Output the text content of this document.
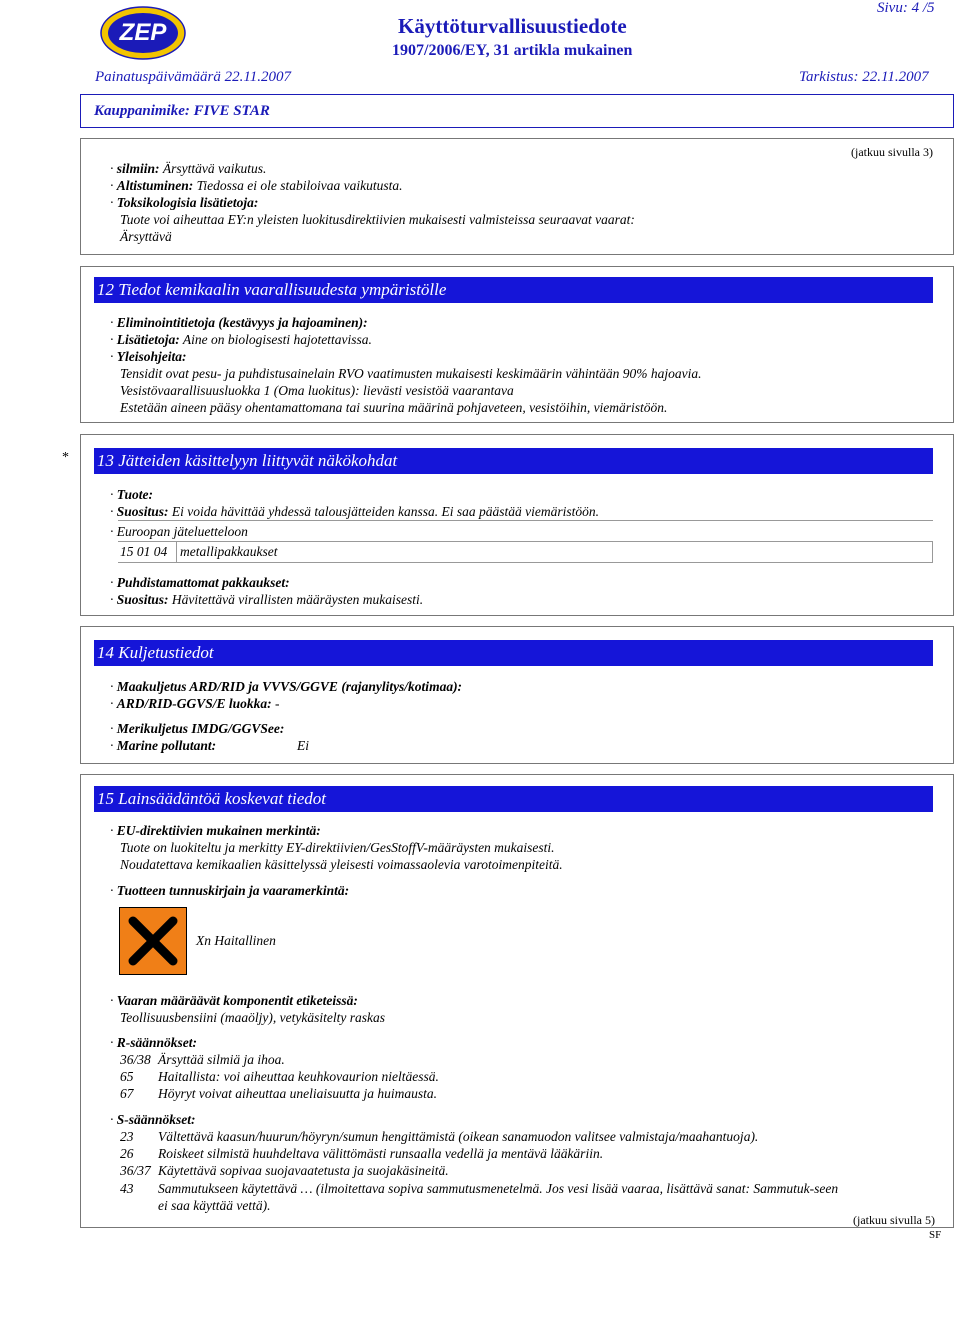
ZEP	Käyttöturvallisuustiedote
1907/2006/EY, 31 artikla mukainen
Sivu: 4 /5
Painatuspäivämäärä 22.11.2007	Tarkistus: 22.11.2007
Kauppanimike: FIVE STAR
(jatkuu sivulla 3)
· silmiin: Ärsyttävä vaikutus.
· Altistuminen: Tiedossa ei ole stabiloivaa vaikutusta.
· Toksikologisia lisätietoja:
Tuote voi aiheuttaa EY:n yleisten luokitusdirektiivien mukaisesti valmisteissa seuraavat vaarat:
Ärsyttävä
12 Tiedot kemikaalin vaarallisuudesta ympäristölle
· Eliminointitietoja (kestävyys ja hajoaminen):
· Lisätietoja: Aine on biologisesti hajotettavissa.
· Yleisohjeita:
Tensidit ovat pesu- ja puhdistusainelain RVO vaatimusten mukaisesti keskimäärin vähintään 90% hajoavia.
Vesistövaarallisuusluokka 1 (Oma luokitus): lievästi vesistöä vaarantava
Estetään aineen pääsy ohentamattomana tai suurina määrinä pohjaveteen, vesistöihin, viemäristöön.
* 13 Jätteiden käsittelyyn liittyvät näkökohdat
· Tuote:
· Suositus: Ei voida hävittää yhdessä talousjätteiden kanssa. Ei saa päästää viemäristöön.
· Euroopan jäteluetteloon
15 01 04 metallipakkaukset
· Puhdistamattomat pakkaukset:
· Suositus: Hävitettävä virallisten määräysten mukaisesti.
14 Kuljetustiedot
· Maakuljetus ARD/RID ja VVVS/GGVE (rajanylitys/kotimaa):
· ARD/RID-GGVS/E luokka: -
· Merikuljetus IMDG/GGVSee:
· Marine pollutant:	Ei
15 Lainsäädäntöä koskevat tiedot
· EU-direktiivien mukainen merkintä:
Tuote on luokiteltu ja merkitty EY-direktiivien/GesStoffV-määräysten mukaisesti.
Noudatettava kemikaalien käsittelyssä yleisesti voimassaolevia varotoimenpiteitä.
· Tuotteen tunnuskirjain ja vaaramerkintä:
Xn Haitallinen
· Vaaran määräävät komponentit etiketeissä:
Teollisuusbensiini (maaöljy), vetykäsitelty raskas
· R-säännökset:
36/38 Ärsyttää silmiä ja ihoa.
65 Haitallista: voi aiheuttaa keuhkovaurion nieltäessä.
67 Höyryt voivat aiheuttaa uneliaisuutta ja huimausta.
· S-säännökset:
23 Vältettävä kaasun/huurun/höyryn/sumun hengittämistä (oikean sanamuodon valitsee valmistaja/maahantuoja).
26 Roiskeet silmistä huuhdeltava välittömästi runsaalla vedellä ja mentävä lääkäriin.
36/37 Käytettävä sopivaa suojavaatetusta ja suojakäsineitä.
43 Sammutukseen käytettävä … (ilmoitettava sopiva sammutusmenetelmä. Jos vesi lisää vaaraa, lisättävä sanat: Sammutuk-seen
ei saa käyttää vettä).
(jatkuu sivulla 5)
SF
